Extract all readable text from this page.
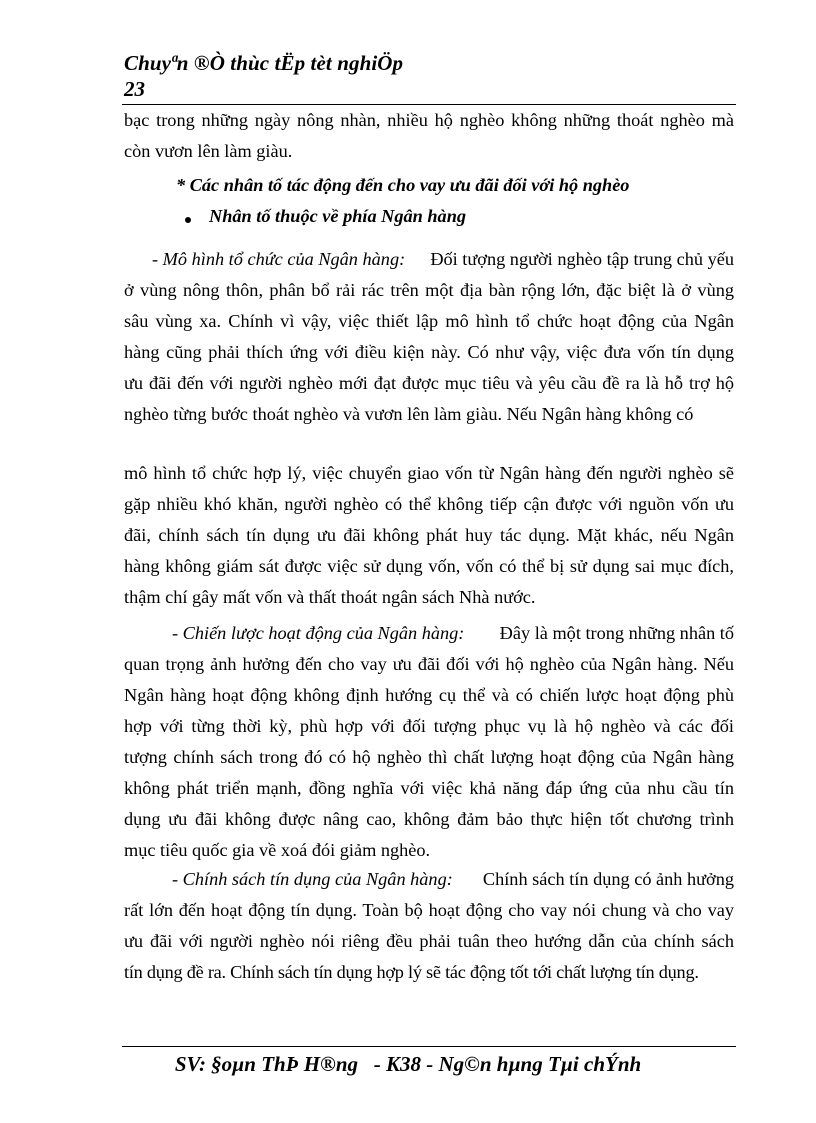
Chuyªn ®Ò thùc tËp tèt nghiÖp
23
bạc trong những ngày nông nhàn, nhiều hộ nghèo không những thoát nghèo mà
còn vươn lên làm giàu.
* Các nhân tố tác động đến cho vay ưu đãi đối với hộ nghèo
Nhân tố thuộc về phía Ngân hàng
- Mô hình tổ chức của Ngân hàng: Đối tượng người nghèo tập trung chủ yếu
ở vùng nông thôn, phân bổ rải rác trên một địa bàn rộng lớn, đặc biệt là ở vùng
sâu vùng xa. Chính vì vậy, việc thiết lập mô hình tổ chức hoạt động của Ngân
hàng cũng phải thích ứng với điều kiện này. Có như vậy, việc đưa vốn tín dụng
ưu đãi đến với người nghèo mới đạt được mục tiêu và yêu cầu đề ra là hỗ trợ hộ
nghèo từng bước thoát nghèo và vươn lên làm giàu. Nếu Ngân hàng không có
mô hình tổ chức hợp lý, việc chuyển giao vốn từ Ngân hàng đến người nghèo sẽ
gặp nhiều khó khăn, người nghèo có thể không tiếp cận được với nguồn vốn ưu
đãi, chính sách tín dụng ưu đãi không phát huy tác dụng. Mặt khác, nếu Ngân
hàng không giám sát được việc sử dụng vốn, vốn có thể bị sử dụng sai mục đích,
thậm chí gây mất vốn và thất thoát ngân sách Nhà nước.
- Chiến lược hoạt động của Ngân hàng: Đây là một trong những nhân tố
quan trọng ảnh hưởng đến cho vay ưu đãi đối với hộ nghèo của Ngân hàng. Nếu
Ngân hàng hoạt động không định hướng cụ thể và có chiến lược hoạt động phù
hợp với từng thời kỳ, phù hợp với đối tượng phục vụ là hộ nghèo và các đối
tượng chính sách trong đó có hộ nghèo thì chất lượng hoạt động của Ngân hàng
không phát triển mạnh, đồng nghĩa với việc khả năng đáp ứng của nhu cầu tín
dụng ưu đãi không được nâng cao, không đảm bảo thực hiện tốt chương trình
mục tiêu quốc gia về xoá đói giảm nghèo.
- Chính sách tín dụng của Ngân hàng: Chính sách tín dụng có ảnh hưởng
rất lớn đến hoạt động tín dụng. Toàn bộ hoạt động cho vay nói chung và cho vay
ưu đãi với người nghèo nói riêng đều phải tuân theo hướng dẫn của chính sách
tín dụng đề ra. Chính sách tín dụng hợp lý sẽ tác động tốt tới chất lượng tín dụng.
SV: §oµn ThÞ H®ng   - K38 - Ng©n hµng Tµi chÝnh
